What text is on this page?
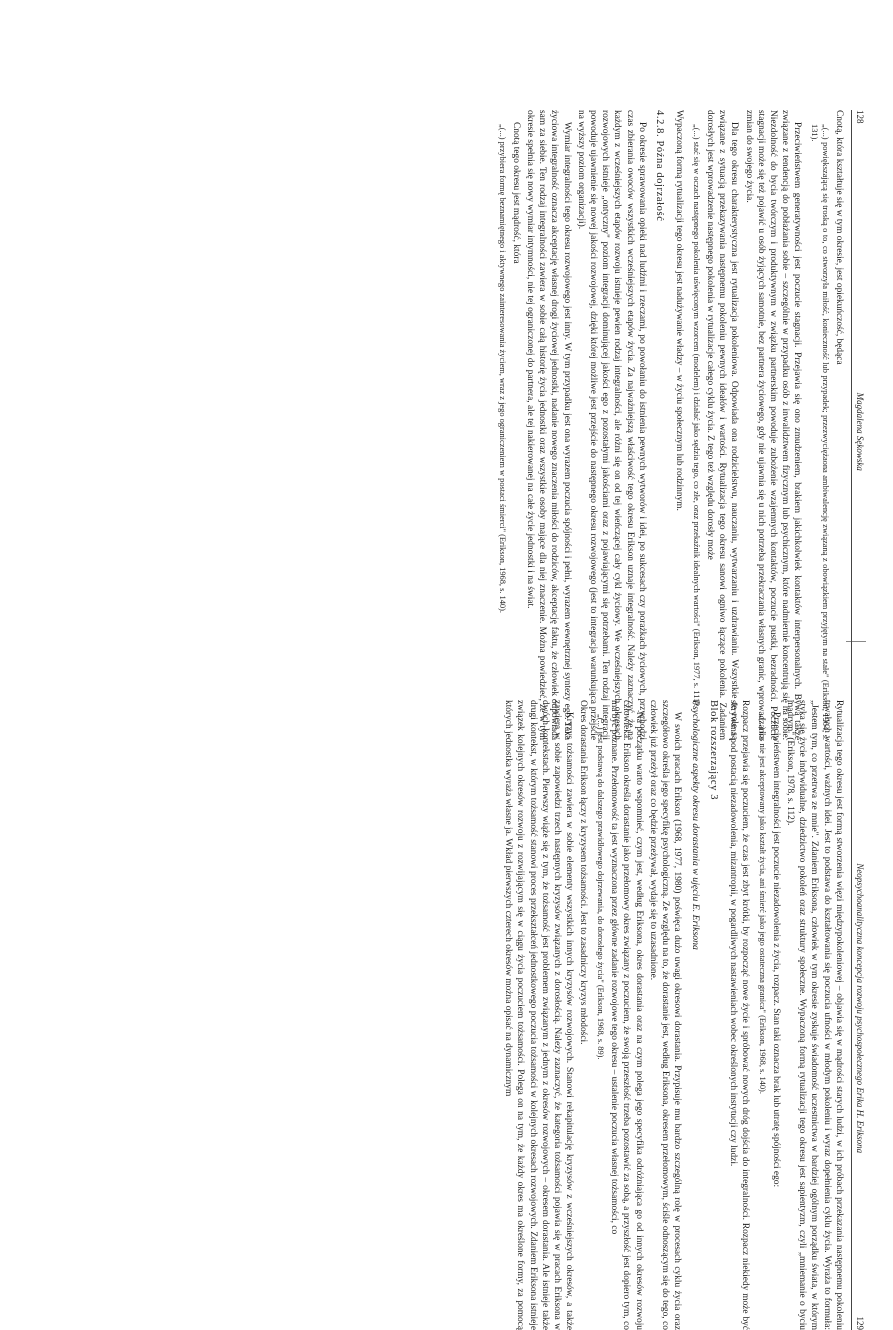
128
Magdalena Sękowska

Cnotą, która kształtuje się w tym okresie, jest opiekuńczość, będąca

„(...) powiększającą się troską o to, co stworzyła miłość, konieczność lub przypadek; przezwyciężaona ambiwalencję związaną z obowiązkiem przyjętym na stałe" (Erikson, 1964, s. 131).

Przeciwieństwem generatywności jest poczucie stagnacji. Przejawia się ono zmudzeniem, brakiem jakichkolwiek kontaktów interpersonalnych. Bywa także związane z tendencją do pobłażania sobie – szczególnie w przypadku osób z inwalidztwem fizycznym lub psychicznym, które nadmiernie koncentrują się na sobie. Niezdolność do bycia twórczym i produktywnym w związku partnerskim powoduje zubożenie wzajemnych kontaktów, poczucie pustki, bezradności. Poczucie stagnacji może się też pojawić u osób żyjących samotnie, bez partnera życiowego, gdy nie ujawnia się u nich potrzeba przekraczania własnych granic, wprowadzania zmian do swojego życia.

Dla tego okresu charakterystyczna jest rytualizacja pokoleniowa. Odpowiada ona rodzicielstwu, nauczaniu, wytwarzaniu i uzdrawianiu. Wszystkie te role są związane z sytuacją przekazywania następnemu pokoleniu pewnych ideałów i wartości. Rytualizacja tego okresu sanowi ogniwo łączące pokolenia. Zadaniem dorosłych jest wprowadzenie następnego pokolenia w rytualizacje całego cyklu życia. Z tego też względu dorosły może

„(...) stać się w oczach następnego pokolenia uświęconym wzorcem (modelem) i działać jako sędzia tego, co złe, oraz przekaźnik idealnych wartości" (Erikson, 1977, s. 111).

Wypaczoną formą rytualizacji tego okresu jest nadużywanie władzy – w życiu społecznym lub rodzinnym.

4.2.8. Późna dojrzałość

Po okresie sprawowania opieki nad ludźmi i rzeczami, po powołaniu do istnienia pewnych wytworów i idei, po sukcesach czy porażkach życiowych, przychodzi czas zbierania owoców wszystkich wcześniejszych etapów życia. Za najważniejszą właściwość tego okresu Erikson uznaje integralność. Należy zaznaczyć, że na każdym z wcześniejszych etapów rozwoju istnieje pewien rodzaj integralności, ale różni się on od tej wieńczącej cały cykl życiowy. We wcześniejszych okresach rozwojowych istnieje „ontyczny" poziom integracji dominującej jakości ego z pozostałymi jakościami oraz z pojawiającymi się potrzebami. Ten rodzaj integracji powoduje ujawnienie się nowej jakości rozwojowej, dzięki której możliwe jest przejście do następnego okresu rozwojowego (jest to integracja warunkująca przejście na wyższy poziom organizacji).

Wymiar integralności tego okresu rozwojowego jest inny. W tym przypadku jest ona wyrazem poczucia spójności i pełni, wyrazem wewnętrznej syntezy ego. Taka życiowa integralność oznacza akceptację własnej drogi życiowej jednostki, nadanie nowego znaczenia miłości do rodziców, akceptację faktu, że człowiek odpowiada sam za siebie. Ten rodzaj integralności zawiera w sobie całą historię życia jednostki oraz wszystkie osoby mające dla niej znaczenie. Można powiedzieć, że w tym okresie spełnia się nowy wymiar intymności, nie tej ograniczonej do partnera, ale tej nakierowanej na całe życie jednostki i na świat.

Cnotą tego okresu jest mądrość, która

„(...) przybiera formę beznamiętnego i aktywnego zainteresowania życiem, wraz z jego ograniczeniem w postaci śmierci" (Erikson, 1968, s. 140).

Neopsychoanalityczna koncepcja rozwoju psychospołecznego Erika H. Eriksona
129

Rytualizacja tego okresu jest formą stworzenia więzi międzypokoleniowej – objawia się w mądrości starych ludzi, w ich próbach przekazania następnemu pokoleniu trwałych wartości, ważnych idei. Jest to podstawa do kształtowania się poczucia ufności w młodym pokoleniu i wyraz dopełnienia cyklu życia. Wyraża to formuła: „Jestem tym, co przetrwa ze mnie". Zdaniem Eriksona, człowiek w tym okresie zyskuje świadomość uczestnictwa w bardziej ogólnym porządku świata, w którym styka się życie indywidualne, dziedzictwo pokoleń oraz struktury społeczne. Wypaczoną formą rytualizacji tego okresu jest sapientyzm, czyli „mniemanie o byciu mądrym" (Erikson, 1978, s. 112).

Przeciwieństwem integralności jest poczucie niezadowolenia z życia, rozpacz. Stan taki oznacza brak lub utratę spójności ego:

„(...) los nie jest akceptowany jako kształt życia, ani śmierć jako jego ostateczna granica" (Erikson, 1968, s. 140).

Rozpacz przejawia się poczuciem, że czas jest zbyt krótki, by rozpocząć nowe życie i spróbować nowych dróg dojścia do integralności. Rozpacz niekiedy może być skrywana pod postacią niezadowolenia, mizantropii, w pogardliwych nastawieniach wobec określonych instytucji czy ludzi.

Blok rozszerzający 3
Psychologiczne aspekty okresu dorastania w ujęciu E. Eriksona

W swoich pracach Erikson (1968, 1977, 1980) poświęca dużo uwagi okresowi dorastania. Przypisuje mu bardzo szczególną rolę w procesach cyklu życia oraz szczegółowo określa jego specyfikę psychologiczną. Ze względu na to, że dorastanie jest, według Eriksona, okresem przełomowym, ściśle odnoszącym się do tego, co człowiek już przeżył oraz co będzie przeżywał, wydaje się to uzasadnione.

Na początku warto wspomnieć, czym jest, według Eriksona, okres dorastania oraz na czym polega jego specyfika odróżniająca go od innych okresów rozwoju człowieka. Erikson określa dorastanie jako przełomowy okres związany z poczuciem, że swoją przeszłość trzeba pozostawić za sobą, a przyszłość jest dopiero tym, co ma być poznane. Przełomowość ta jest wyznaczona przez główne zadanie rozwojowe tego okresu – ustalenie poczucia własnej tożsamości, co

„(...) jest podstawą do dalszego prawidłowego dojrzewania, do dorosłego życia" (Erikson, 1968, s. 89).

Okres dorastania Erikson łączy z kryzysem tożsamości. Jest to zasadniczy kryzys młodości.

Kryzys tożsamości zawiera w sobie elementy wszystkich innych kryzysów rozwojowych. Stanowi rekapitulację kryzysów z wcześniejszych okresów, a także zawiera w sobie zapowiedzi trzech następnych kryzysów związanych z dorosłością. Należy zaznaczyć, że kategoria tożsamości pojawia się w pracach Eriksona w dwóch kontekstach. Pierwszy wiąże się z tym, że tożsamość jest problemem związanym z jednym z okresów rozwojowych – okresem dorastania. Ale istnieje także drugi kontekst, w którym tożsamość stanowi proces przekształceń jednostkowego poczucia tożsamości w kolejnych okresach rozwojowych. Zdaniem Eriksona istnieje związek kolejnych okresów rozwoju z rozwijającym się w ciągu życia poczuciem tożsamości. Polega on na tym, że każdy okres ma określone formy, za pomocą których jednostka wyraża własne ja. Wkład pierwszych czterech okresów można opisać na dynamicznym
